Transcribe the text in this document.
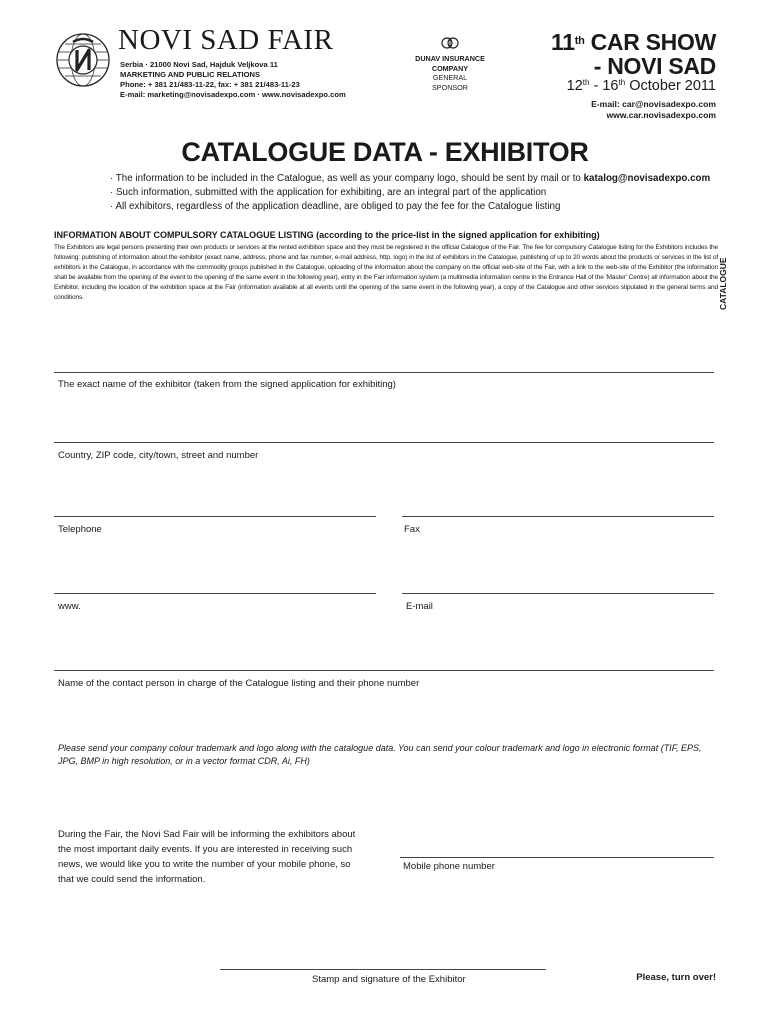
NOVI SAD FAIR
Serbia · 21000 Novi Sad, Hajduk Veljkova 11
MARKETING AND PUBLIC RELATIONS
Phone: + 381 21/483-11-22, fax: + 381 21/483-11-23
E-mail: marketing@novisadexpo.com · www.novisadexpo.com
DUNAV INSURANCE
COMPANY
GENERAL
SPONSOR
11th CAR SHOW
- NOVI SAD
12th - 16th October 2011
E-mail: car@novisadexpo.com
www.car.novisadexpo.com
CATALOGUE DATA - EXHIBITOR
· The information to be included in the Catalogue, as well as your company logo, should be sent by mail or to katalog@novisadexpo.com
· Such information, submitted with the application for exhibiting, are an integral part of the application
· All exhibitors, regardless of the application deadline, are obliged to pay the fee for the Catalogue listing
INFORMATION ABOUT COMPULSORY CATALOGUE LISTING (according to the price-list in the signed application for exhibiting)
The Exhibitors are legal persons presenting their own products or services at the rented exhibition space and they must be registered in the official Catalogue of the Fair. The fee for compulsory Catalogue listing for the Exhibitors includes the following: publishing of information about the exhibitor (exact name, address, phone and fax number, e-mail address, http, logo) in the list of exhibitors in the Catalogue, publishing of up to 20 words about the products or services in the list of exhibitors in the Catalogue, in accordance with the commodity groups published in the Catalogue, uploading of the information about the company on the official web-site of the Fair, with a link to the web-site of the Exhibitor (the information shall be available from the opening of the event to the opening of the same event in the following year), entry in the Fair information system (a multimedia information centre in the Entrance Hall of the 'Master' Centre) all information about the Exhibitor, including the location of the exhibition space at the Fair (information available at all events until the opening of the same event in the following year), a copy of the Catalogue and other services stipulated in the general terms and conditions.	CATALOGUE
The exact name of the exhibitor (taken from the signed application for exhibiting)
Country, ZIP code, city/town, street and number
Telephone	Fax
www.	E-mail
Name of the contact person in charge of the Catalogue listing and their phone number
Please send your company colour trademark and logo along with the catalogue data. You can send your colour trademark and logo in electronic format (TIF, EPS, JPG, BMP in high resolution, or in a vector format CDR, Ai, FH)
During the Fair, the Novi Sad Fair will be informing the exhibitors about the most important daily events. If you are interested in receiving such news, we would like you to write the number of your mobile phone, so that we could send the information.
Mobile phone number
Stamp and signature of the Exhibitor	Please, turn over!
